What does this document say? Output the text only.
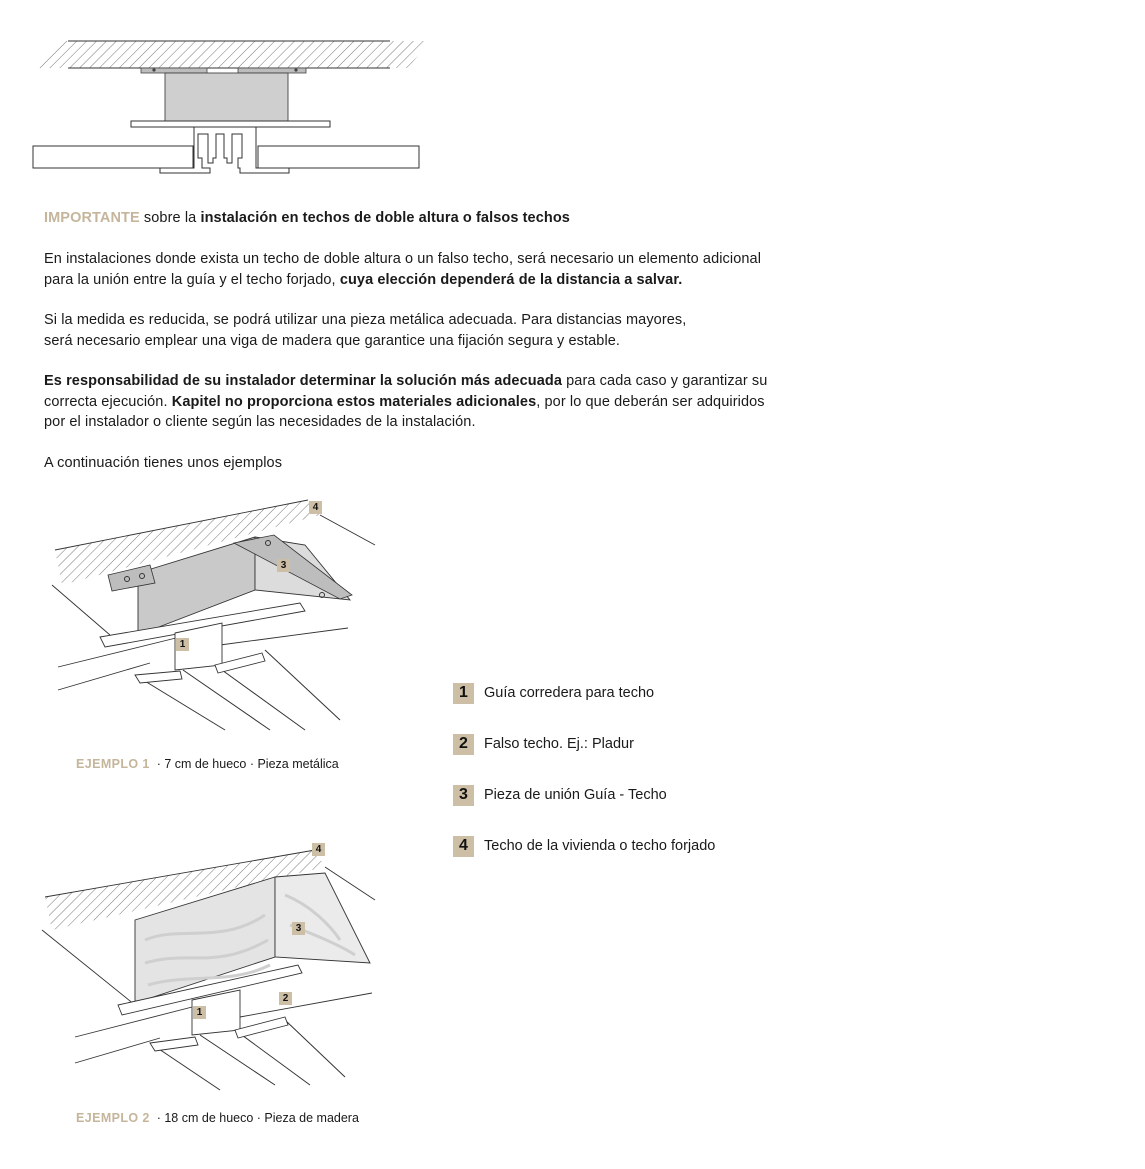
IMPORTANTE sobre la instalación en techos de doble altura o falsos techos
En instalaciones donde exista un techo de doble altura o un falso techo, será necesario un elemento adicional
para la unión entre la guía y el techo forjado, cuya elección dependerá de la distancia a salvar.
Si la medida es reducida, se podrá utilizar una pieza metálica adecuada. Para distancias mayores,
será necesario emplear una viga de madera que garantice una fijación segura y estable.
Es responsabilidad de su instalador determinar la solución más adecuada para cada caso y garantizar su
correcta ejecución. Kapitel no proporciona estos materiales adicionales, por lo que deberán ser adquiridos
por el instalador o cliente según las necesidades de la instalación.
A continuación tienes unos ejemplos
4
3
1
EJEMPLO 1 · 7 cm de hueco · Pieza metálica
4
3
2
1
EJEMPLO 2 · 18 cm de hueco · Pieza de madera
1	Guía corredera para techo
2	Falso techo. Ej.: Pladur
3	Pieza de unión Guía - Techo
4	Techo de la vivienda o techo forjado
